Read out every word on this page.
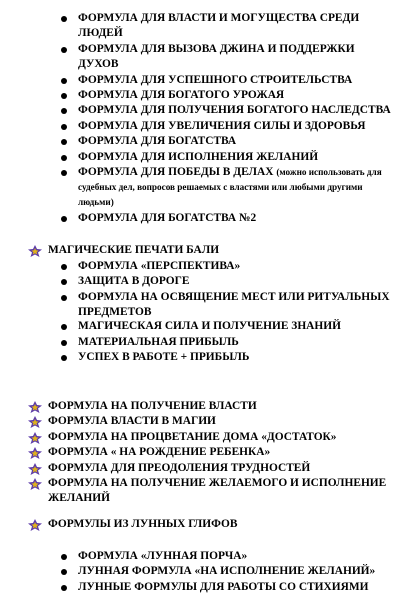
ФОРМУЛА ДЛЯ ВЛАСТИ И МОГУЩЕСТВА СРЕДИ ЛЮДЕЙ
ФОРМУЛА ДЛЯ ВЫЗОВА ДЖИНА И ПОДДЕРЖКИ ДУХОВ
ФОРМУЛА ДЛЯ УСПЕШНОГО СТРОИТЕЛЬСТВА
ФОРМУЛА ДЛЯ БОГАТОГО УРОЖАЯ
ФОРМУЛА ДЛЯ ПОЛУЧЕНИЯ БОГАТОГО НАСЛЕДСТВА
ФОРМУЛА ДЛЯ УВЕЛИЧЕНИЯ СИЛЫ И ЗДОРОВЬЯ
ФОРМУЛА ДЛЯ БОГАТСТВА
ФОРМУЛА ДЛЯ ИСПОЛНЕНИЯ ЖЕЛАНИЙ
ФОРМУЛА ДЛЯ ПОБЕДЫ В ДЕЛАХ (можно использовать для судебных дел, вопросов решаемых с властями или любыми другими людьми)
ФОРМУЛА ДЛЯ БОГАТСТВА №2
МАГИЧЕСКИЕ ПЕЧАТИ БАЛИ
ФОРМУЛА «ПЕРСПЕКТИВА»
ЗАЩИТА В ДОРОГЕ
ФОРМУЛА НА ОСВЯЩЕНИЕ МЕСТ ИЛИ РИТУАЛЬНЫХ ПРЕДМЕТОВ
МАГИЧЕСКАЯ СИЛА И ПОЛУЧЕНИЕ ЗНАНИЙ
МАТЕРИАЛЬНАЯ ПРИБЫЛЬ
УСПЕХ В РАБОТЕ + ПРИБЫЛЬ
ФОРМУЛА НА ПОЛУЧЕНИЕ ВЛАСТИ
ФОРМУЛА ВЛАСТИ В МАГИИ
ФОРМУЛА НА ПРОЦВЕТАНИЕ ДОМА «ДОСТАТОК»
ФОРМУЛА « НА РОЖДЕНИЕ РЕБЕНКА»
ФОРМУЛА ДЛЯ ПРЕОДОЛЕНИЯ ТРУДНОСТЕЙ
ФОРМУЛА НА ПОЛУЧЕНИЕ ЖЕЛАЕМОГО И ИСПОЛНЕНИЕ ЖЕЛАНИЙ
ФОРМУЛЫ ИЗ ЛУННЫХ ГЛИФОВ
ФОРМУЛА «ЛУННАЯ ПОРЧА»
ЛУННАЯ ФОРМУЛА «НА ИСПОЛНЕНИЕ ЖЕЛАНИЙ»
ЛУННЫЕ ФОРМУЛЫ ДЛЯ РАБОТЫ СО СТИХИЯМИ
